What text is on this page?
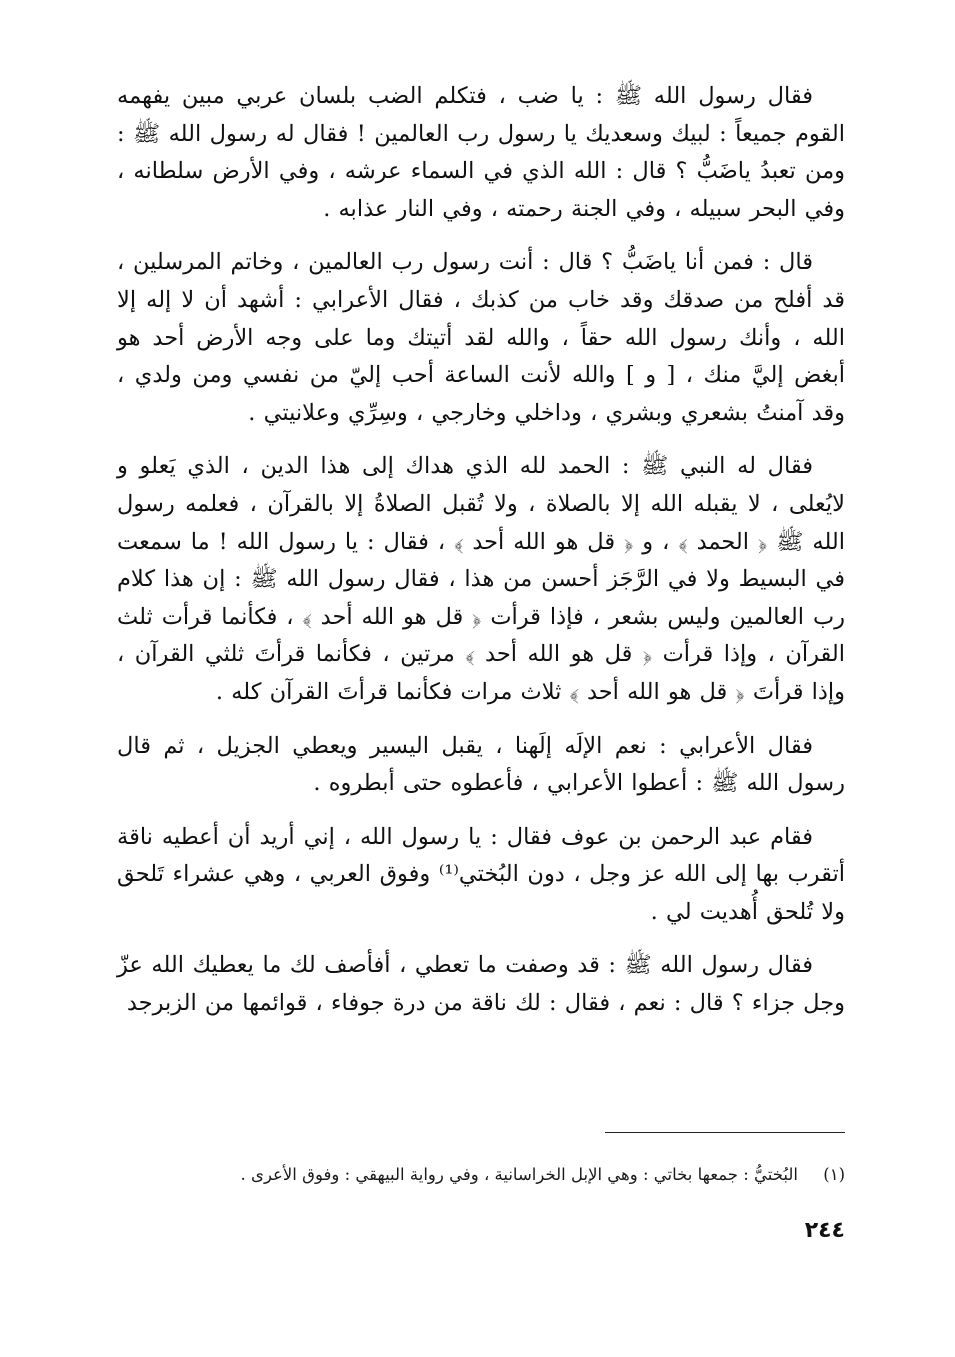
فقال رسول الله ﷺ : يا ضب ، فتكلم الضب بلسان عربي مبين يفهمه القوم جميعاً : لبيك وسعديك يا رسول رب العالمين ! فقال له رسول الله ﷺ : ومن تعبدُ ياضَبُّ ؟ قال : الله الذي في السماء عرشه ، وفي الأرض سلطانه ، وفي البحر سبيله ، وفي الجنة رحمته ، وفي النار عذابه .

قال : فمن أنا ياضَبُّ ؟ قال : أنت رسول رب العالمين ، وخاتم المرسلين ، قد أفلح من صدقك وقد خاب من كذبك ، فقال الأعرابي : أشهد أن لا إله إلا الله ، وأنك رسول الله حقاً ، والله لقد أتيتك وما على وجه الأرض أحد هو أبغض إليَّ منك ، [ و ] والله لأنت الساعة أحب إليّ من نفسي ومن ولدي ، وقد آمنتُ بشعري وبشري ، وداخلي وخارجي ، وسِرِّي وعلانيتي .

فقال له النبي ﷺ : الحمد لله الذي هداك إلى هذا الدين ، الذي يَعلو و لايُعلى ، لا يقبله الله إلا بالصلاة ، ولا تُقبل الصلاةُ إلا بالقرآن ، فعلمه رسول الله ﷺ ﴿ الحمد ﴾ ، و ﴿ قل هو الله أحد ﴾ ، فقال : يا رسول الله ! ما سمعت في البسيط ولا في الرَّجَز أحسن من هذا ، فقال رسول الله ﷺ : إن هذا كلام رب العالمين وليس بشعر ، فإذا قرأت ﴿ قل هو الله أحد ﴾ ، فكأنما قرأت ثلث القرآن ، وإذا قرأت ﴿ قل هو الله أحد ﴾ مرتين ، فكأنما قرأتَ ثلثي القرآن ، وإذا قرأتَ ﴿ قل هو الله أحد ﴾ ثلاث مرات فكأنما قرأتَ القرآن كله .

فقال الأعرابي : نعم الإلَه إلَهنا ، يقبل اليسير ويعطي الجزيل ، ثم قال رسول الله ﷺ : أعطوا الأعرابي ، فأعطوه حتى أبطروه .

فقام عبد الرحمن بن عوف فقال : يا رسول الله ، إني أريد أن أعطيه ناقة أتقرب بها إلى الله عز وجل ، دون البُختي⁽¹⁾ وفوق العربي ، وهي عشراء تَلحق ولا تُلحق أُهديت لي .

فقال رسول الله ﷺ : قد وصفت ما تعطي ، أفأصف لك ما يعطيك الله عزّ وجل جزاء ؟ قال : نعم ، فقال : لك ناقة من درة جوفاء ، قوائمها من الزبرجد

(١) البُختيُّ : جمعها بخاتي : وهي الإبل الخراسانية ، وفي رواية البيهقي : وفوق الأعرى .
٢٤٤
